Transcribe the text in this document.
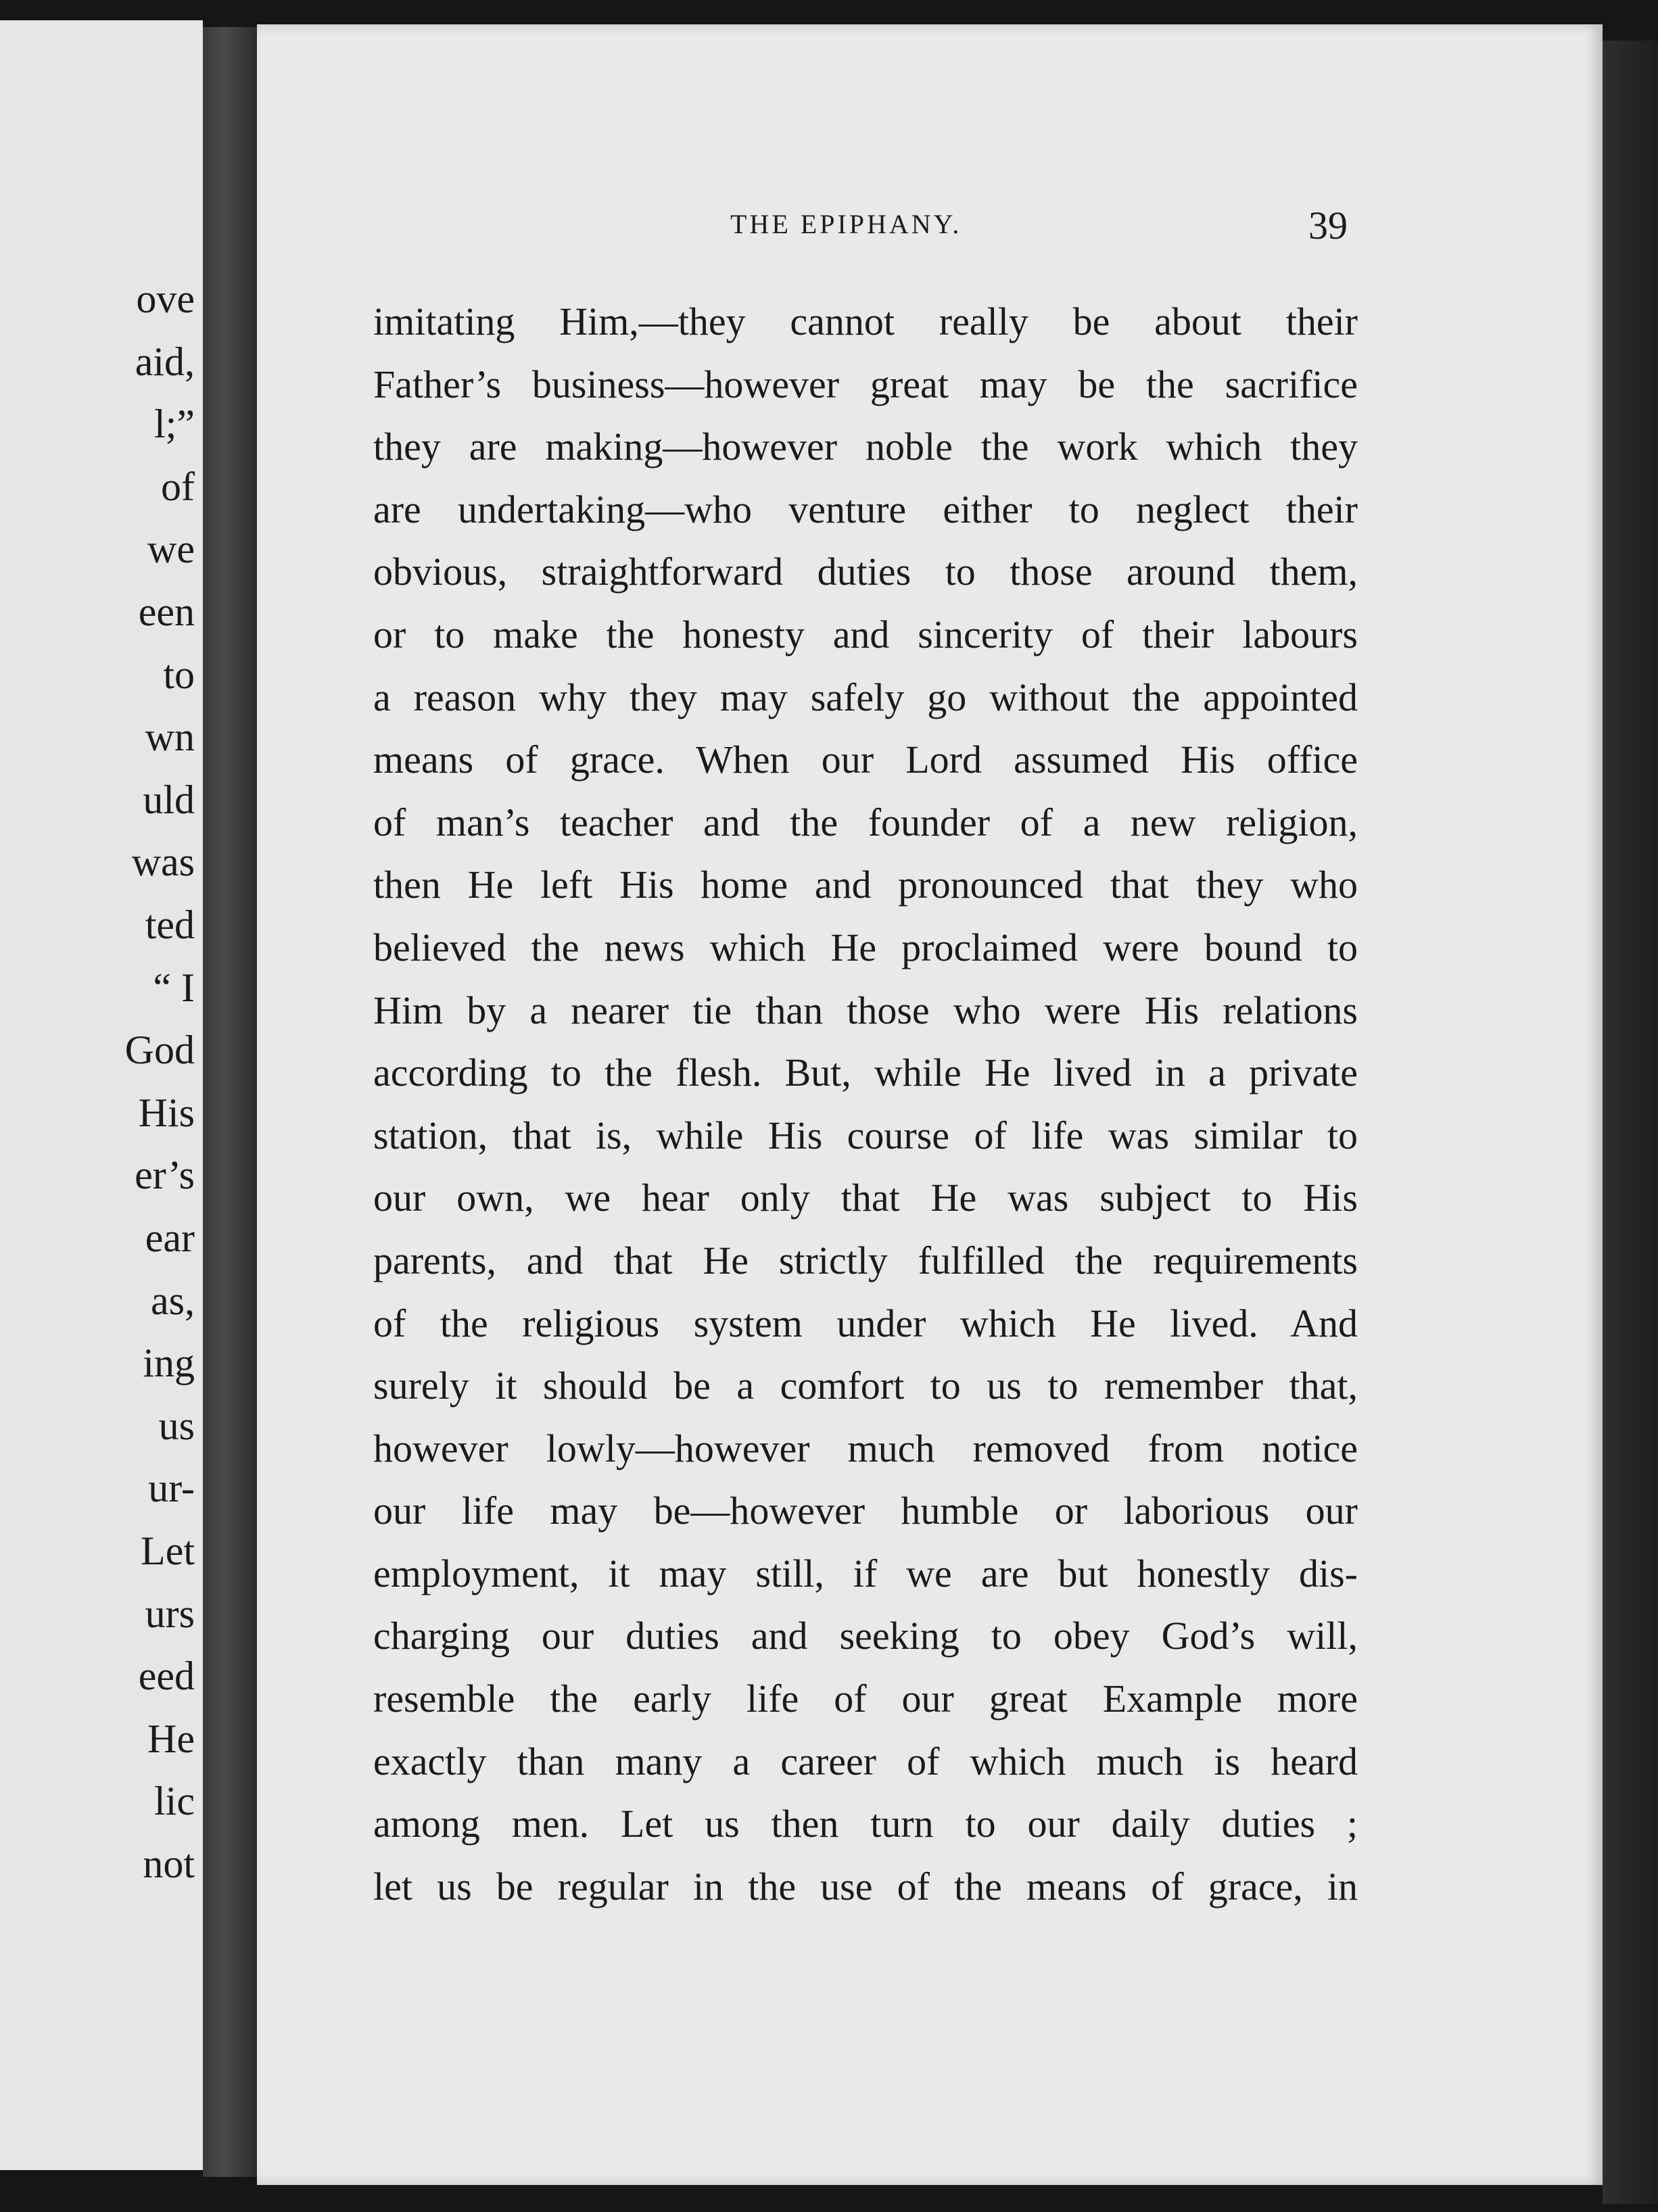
ove
aid,
l;”
of
we
een
to
wn
uld
was
ted
“ I
God
His
er’s
ear
as,
ing
us
ur-
Let
urs
eed
He
lic
not
THE EPIPHANY.	39
imitating Him,—they cannot really be about their
Father’s business—however great may be the sacrifice
they are making—however noble the work which they
are undertaking—who venture either to neglect their
obvious, straightforward duties to those around them,
or to make the honesty and sincerity of their labours
a reason why they may safely go without the appointed
means of grace. When our Lord assumed His office
of man’s teacher and the founder of a new religion,
then He left His home and pronounced that they who
believed the news which He proclaimed were bound to
Him by a nearer tie than those who were His relations
according to the flesh. But, while He lived in a private
station, that is, while His course of life was similar to
our own, we hear only that He was subject to His
parents, and that He strictly fulfilled the requirements
of the religious system under which He lived. And
surely it should be a comfort to us to remember that,
however lowly—however much removed from notice
our life may be—however humble or laborious our
employment, it may still, if we are but honestly dis-
charging our duties and seeking to obey God’s will,
resemble the early life of our great Example more
exactly than many a career of which much is heard
among men. Let us then turn to our daily duties ;
let us be regular in the use of the means of grace, in
